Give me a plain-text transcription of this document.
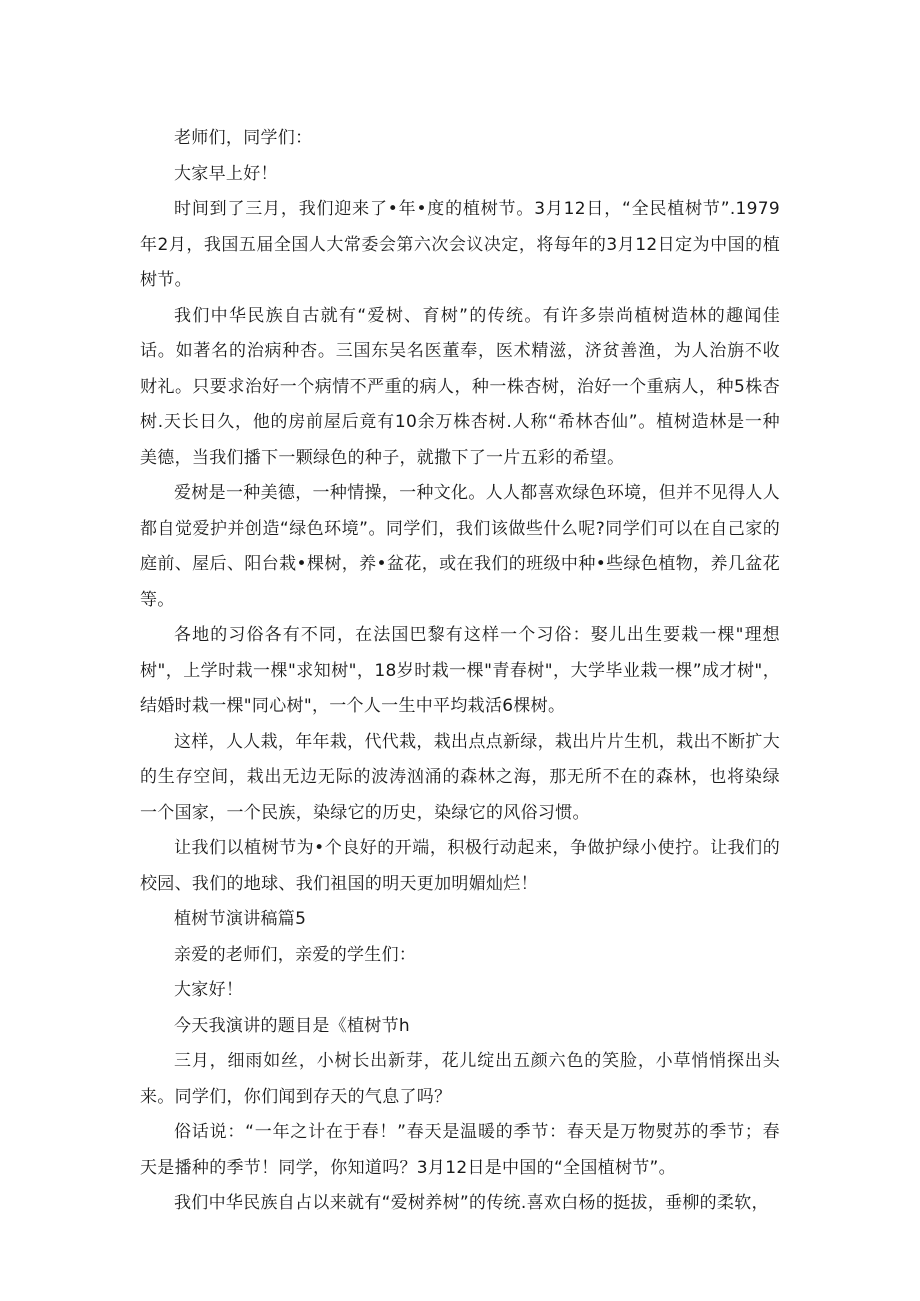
老师们，同学们：

大家早上好！

时间到了三月，我们迎来了•年•度的植树节。3月12日，“全民植树节”.1979年2月，我国五届全国人大常委会第六次会议决定，将每年的3月12日定为中国的植树节。

我们中华民族自古就有“爱树、育树”的传统。有许多崇尚植树造林的趣闻佳话。如著名的治病种杏。三国东吴名医董奉，医术精滋，济贫善渔，为人治旃不收财礼。只要求治好一个病情不严重的病人，种一株杏树，治好一个重病人，种5株杏树.天长日久，他的房前屋后竟有10余万株杏树.人称“希林杏仙”。植树造林是一种美德，当我们播下一颗绿色的种子，就撒下了一片五彩的希望。

爱树是一种美德，一种情操，一种文化。人人都喜欢绿色环境，但并不见得人人都自觉爱护并创造“绿色环境”。同学们，我们该做些什么呢?同学们可以在自己家的庭前、屋后、阳台栽•棵树，养•盆花，或在我们的班级中种•些绿色植物，养几盆花等。

各地的习俗各有不同，在法国巴黎有这样一个习俗：娶儿出生要栽一棵"理想树"，上学时栽一棵"求知树"，18岁时栽一棵"青春树"，大学毕业栽一棵”成才树"，结婚时栽一棵"同心树"，一个人一生中平均栽活6棵树。

这样，人人栽，年年栽，代代栽，栽出点点新绿，栽出片片生机，栽出不断扩大的生存空间，栽出无边无际的波涛汹涌的森林之海，那无所不在的森林，也将染绿一个国家，一个民族，染绿它的历史，染绿它的风俗习惯。

让我们以植树节为•个良好的开端，积极行动起来，争做护绿小使拧。让我们的校园、我们的地球、我们祖国的明天更加明媚灿烂！

植树节演讲稿篇5

亲爱的老师们，亲爱的学生们：

大家好！

今天我演讲的题目是《植树节h

三月，细雨如丝，小树长出新芽，花儿绽出五颜六色的笑脸，小草悄悄探出头来。同学们，你们闻到存天的气息了吗？

俗话说：“一年之计在于春！”春天是温暖的季节：春天是万物熨苏的季节；春天是播种的季节！同学，你知道吗？3月12日是中国的“全国植树节”。

我们中华民族自占以来就有“爱树养树”的传统.喜欢白杨的挺拔，垂柳的柔软，
